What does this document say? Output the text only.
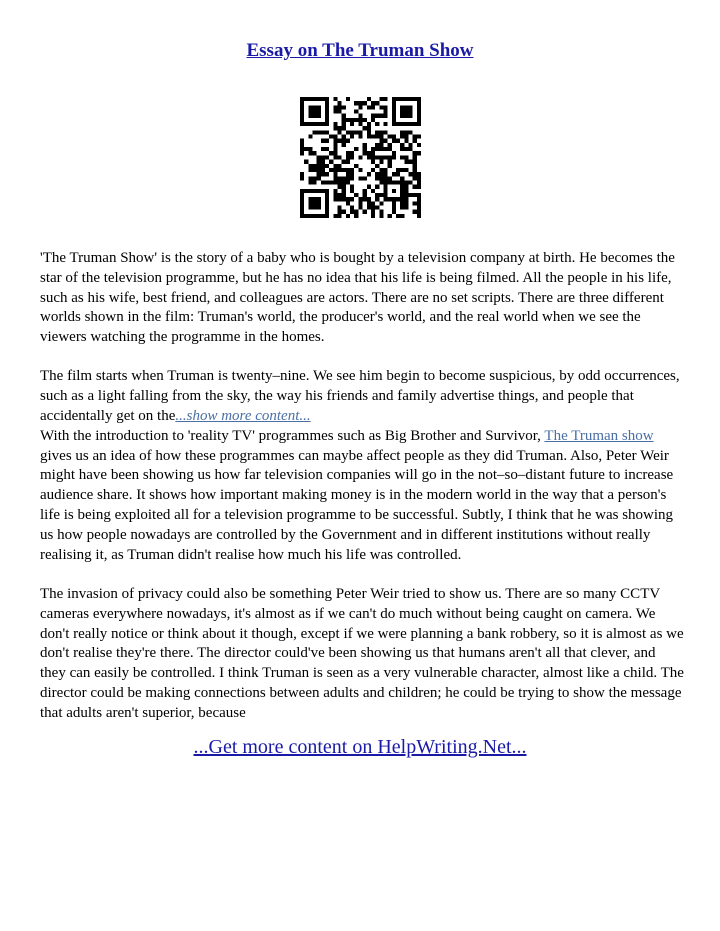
Essay on The Truman Show

'The Truman Show' is the story of a baby who is bought by a television company at birth. He becomes the star of the television programme, but he has no idea that his life is being filmed. All the people in his life, such as his wife, best friend, and colleagues are actors. There are no set scripts. There are three different worlds shown in the film: Truman's world, the producer's world, and the real world when we see the viewers watching the programme in the homes.

The film starts when Truman is twenty–nine. We see him begin to become suspicious, by odd occurrences, such as a light falling from the sky, the way his friends and family advertise things, and people that accidentally get on the...show more content...
With the introduction to 'reality TV' programmes such as Big Brother and Survivor, The Truman show gives us an idea of how these programmes can maybe affect people as they did Truman. Also, Peter Weir might have been showing us how far television companies will go in the not–so–distant future to increase audience share. It shows how important making money is in the modern world in the way that a person's life is being exploited all for a television programme to be successful. Subtly, I think that he was showing us how people nowadays are controlled by the Government and in different institutions without really realising it, as Truman didn't realise how much his life was controlled.

The invasion of privacy could also be something Peter Weir tried to show us. There are so many CCTV cameras everywhere nowadays, it's almost as if we can't do much without being caught on camera. We don't really notice or think about it though, except if we were planning a bank robbery, so it is almost as we don't realise they're there. The director could've been showing us that humans aren't all that clever, and they can easily be controlled. I think Truman is seen as a very vulnerable character, almost like a child. The director could be making connections between adults and children; he could be trying to show the message that adults aren't superior, because

...Get more content on HelpWriting.Net...
